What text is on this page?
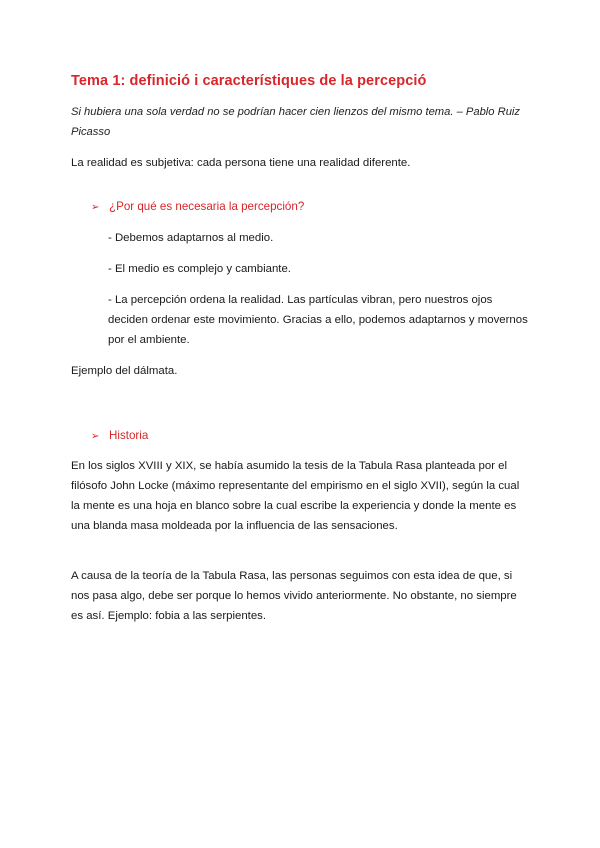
Tema 1: definició i característiques de la percepció
Si hubiera una sola verdad no se podrían hacer cien lienzos del mismo tema. – Pablo Ruiz Picasso
La realidad es subjetiva: cada persona tiene una realidad diferente.
➢ ¿Por qué es necesaria la percepción?
- Debemos adaptarnos al medio.
- El medio es complejo y cambiante.
- La percepción ordena la realidad. Las partículas vibran, pero nuestros ojos deciden ordenar este movimiento. Gracias a ello, podemos adaptarnos y movernos por el ambiente.
Ejemplo del dálmata.
➢ Historia
En los siglos XVIII y XIX, se había asumido la tesis de la Tabula Rasa planteada por el filósofo John Locke (máximo representante del empirismo en el siglo XVII), según la cual la mente es una hoja en blanco sobre la cual escribe la experiencia y donde la mente es una blanda masa moldeada por la influencia de las sensaciones.
A causa de la teoría de la Tabula Rasa, las personas seguimos con esta idea de que, si nos pasa algo, debe ser porque lo hemos vivido anteriormente. No obstante, no siempre es así. Ejemplo: fobia a las serpientes.
